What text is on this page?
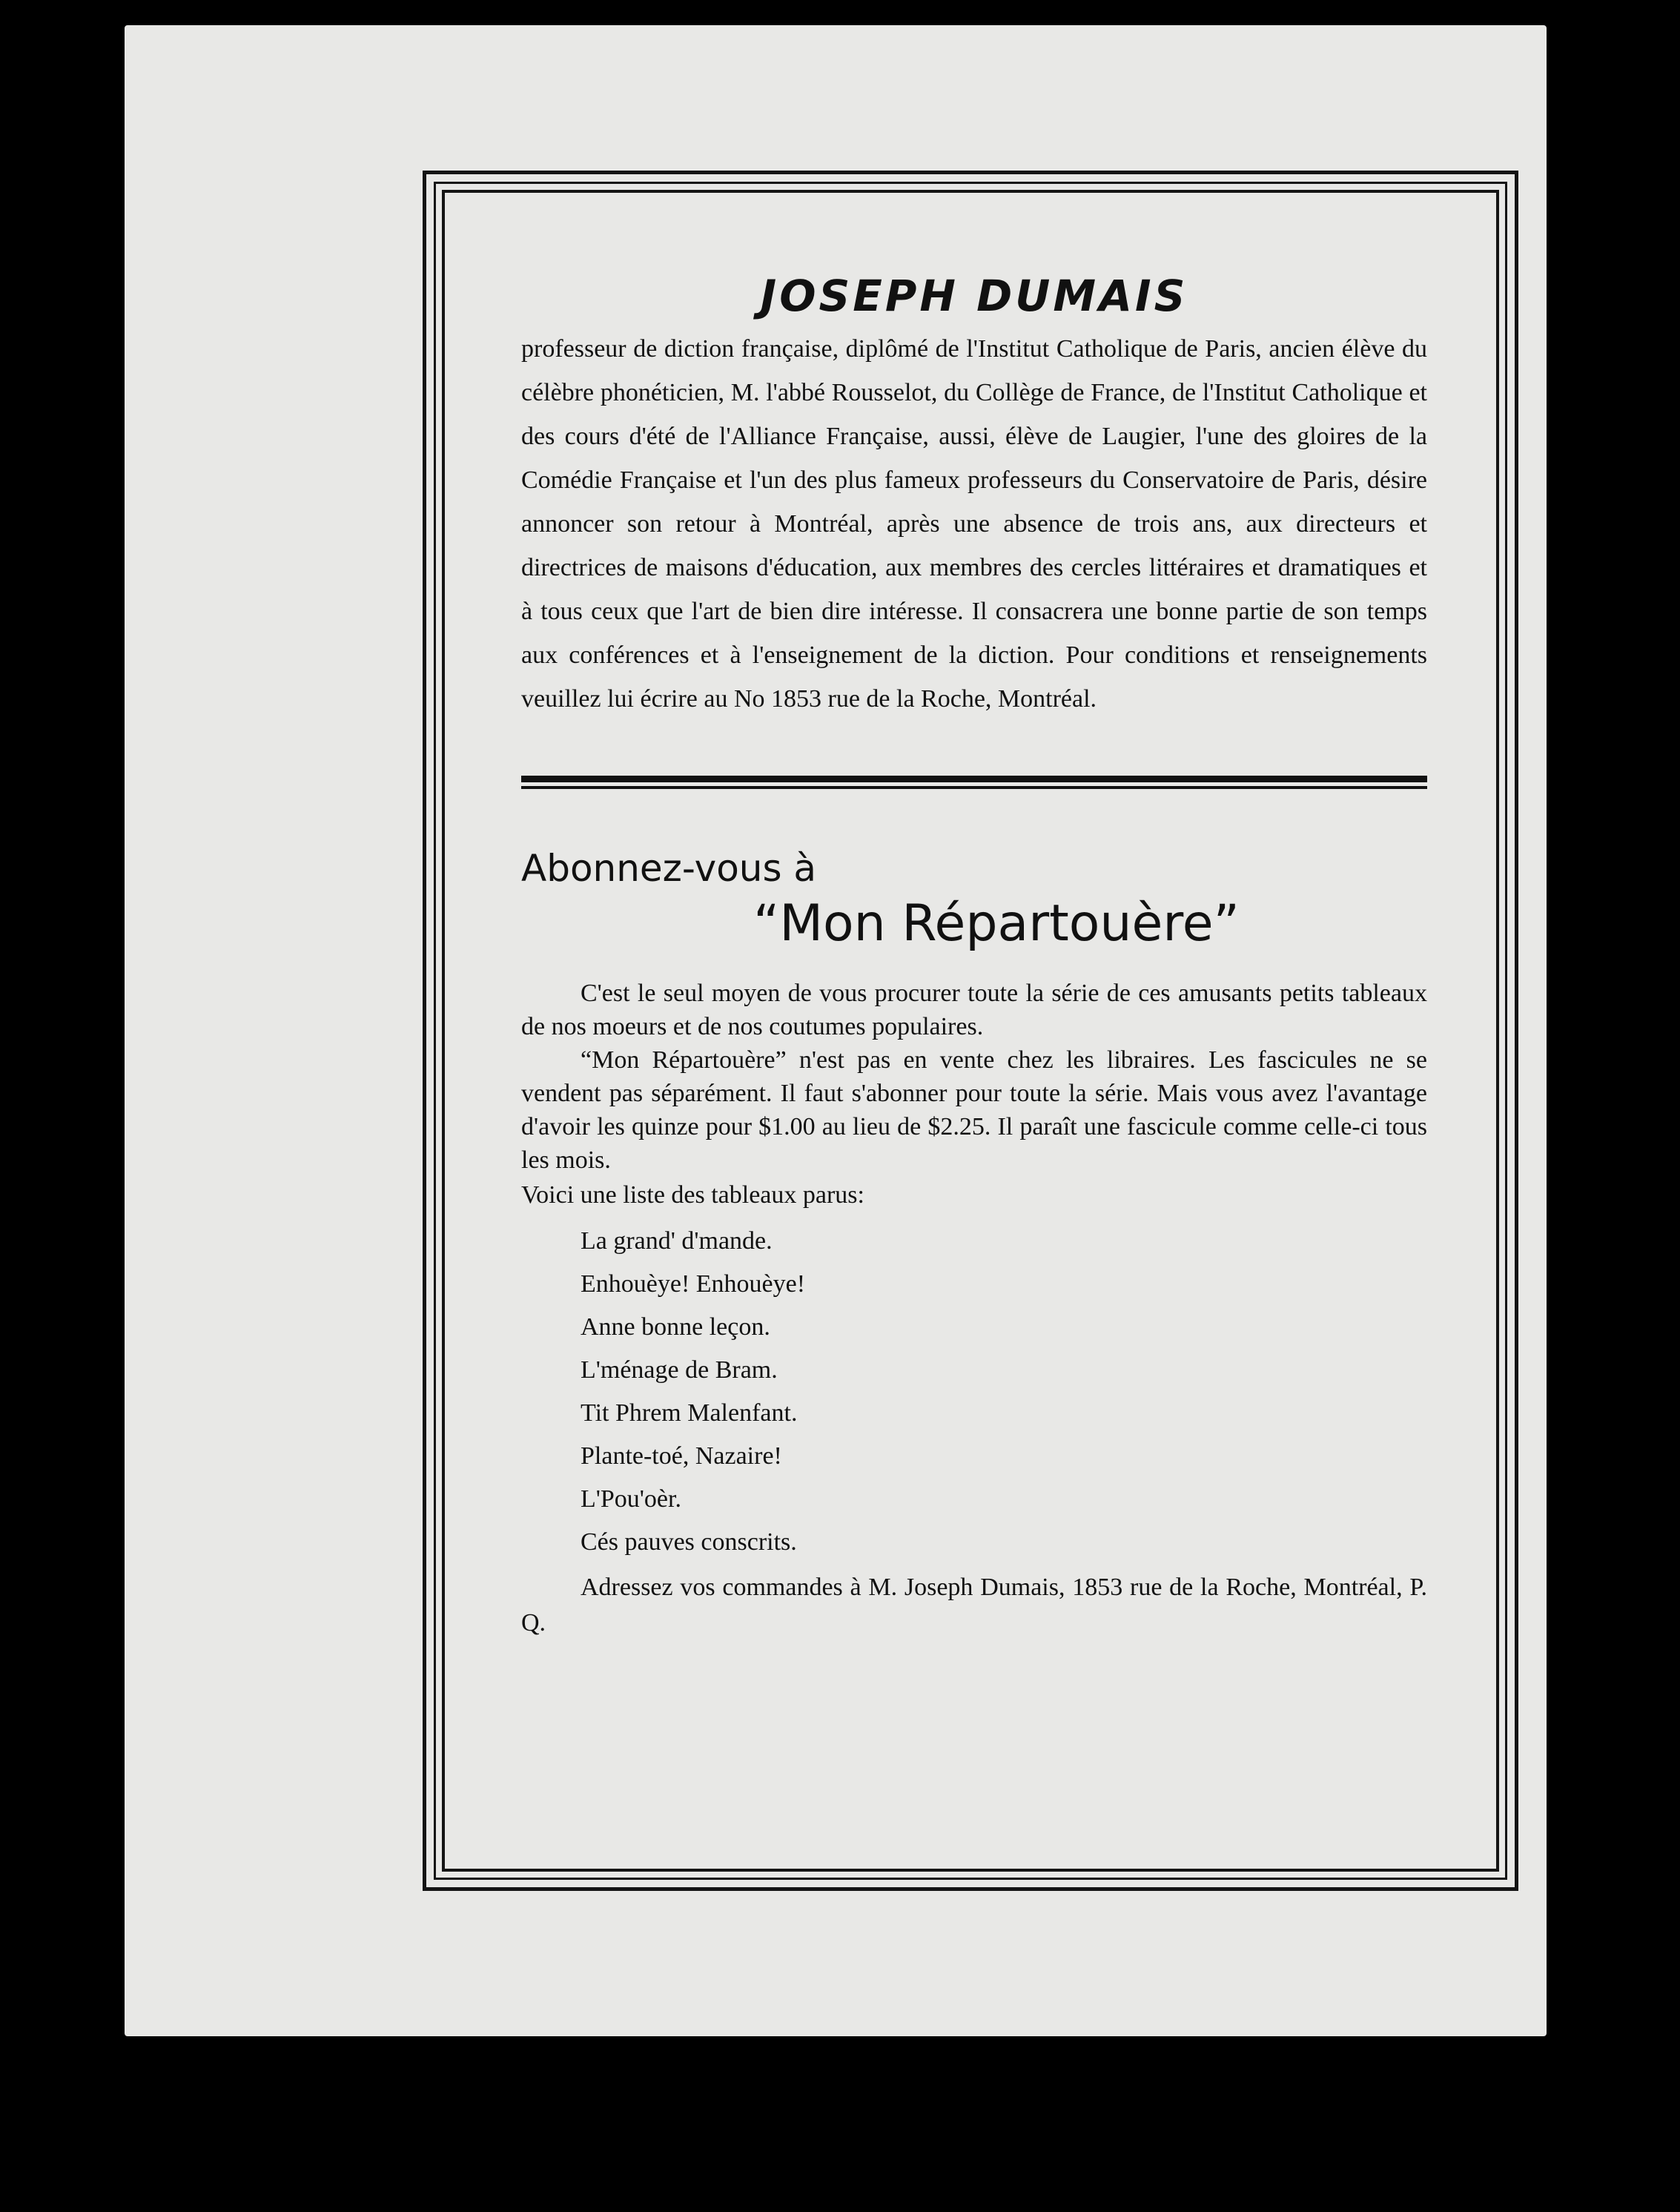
JOSEPH DUMAIS

professeur de diction française, diplômé de l'Institut Catholique de Paris, ancien élève du célèbre phonéticien, M. l'abbé Rousselot, du Collège de France, de l'Institut Catholique et des cours d'été de l'Alliance Française, aussi, élève de Laugier, l'une des gloires de la Comédie Française et l'un des plus fameux professeurs du Conservatoire de Paris, désire annoncer son retour à Montréal, après une absence de trois ans, aux directeurs et directrices de maisons d'éducation, aux membres des cercles littéraires et dramatiques et à tous ceux que l'art de bien dire intéresse. Il consacrera une bonne partie de son temps aux conférences et à l'enseignement de la diction. Pour conditions et renseignements veuillez lui écrire au No 1853 rue de la Roche, Montréal.

Abonnez-vous à
“Mon Répartouère”

C'est le seul moyen de vous procurer toute la série de ces amusants petits tableaux de nos moeurs et de nos coutumes populaires.

“Mon Répartouère” n'est pas en vente chez les libraires. Les fascicules ne se vendent pas séparément. Il faut s'abonner pour toute la série. Mais vous avez l'avantage d'avoir les quinze pour $1.00 au lieu de $2.25. Il paraît une fascicule comme celle-ci tous les mois.

Voici une liste des tableaux parus:

La grand' d'mande.
Enhouèye! Enhouèye!
Anne bonne leçon.
L'ménage de Bram.
Tit Phrem Malenfant.
Plante-toé, Nazaire!
L'Pou'oèr.
Cés pauves conscrits.

Adressez vos commandes à M. Joseph Dumais, 1853 rue de la Roche, Montréal, P. Q.
